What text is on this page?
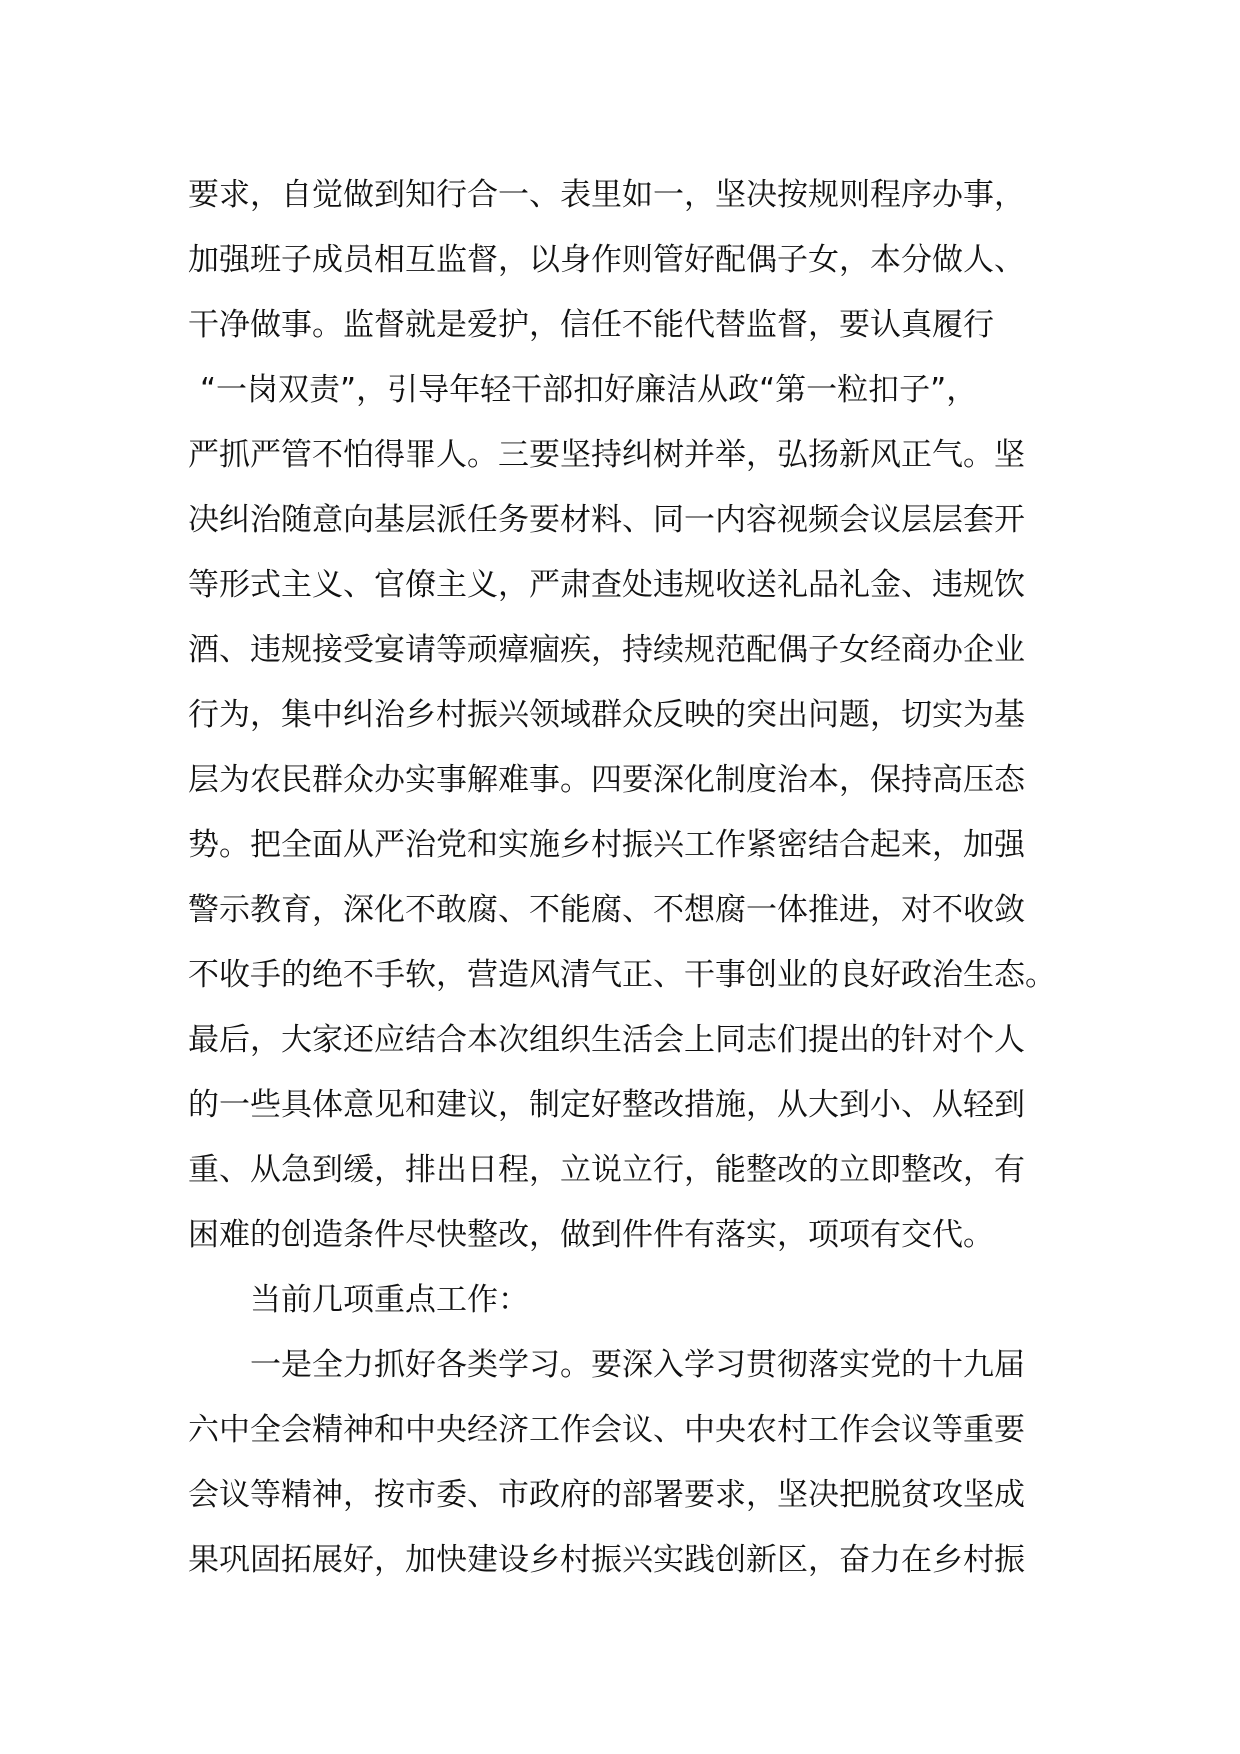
要求，自觉做到知行合一、表里如一，坚决按规则程序办事，
加强班子成员相互监督，以身作则管好配偶子女，本分做人、
干净做事。监督就是爱护，信任不能代替监督，要认真履行
“一岗双责”，引导年轻干部扣好廉洁从政“第一粒扣子”，
严抓严管不怕得罪人。三要坚持纠树并举，弘扬新风正气。坚
决纠治随意向基层派任务要材料、同一内容视频会议层层套开
等形式主义、官僚主义，严肃查处违规收送礼品礼金、违规饮
酒、违规接受宴请等顽瘴痼疾，持续规范配偶子女经商办企业
行为，集中纠治乡村振兴领域群众反映的突出问题，切实为基
层为农民群众办实事解难事。四要深化制度治本，保持高压态
势。把全面从严治党和实施乡村振兴工作紧密结合起来，加强
警示教育，深化不敢腐、不能腐、不想腐一体推进，对不收敛
不收手的绝不手软，营造风清气正、干事创业的良好政治生态。
最后，大家还应结合本次组织生活会上同志们提出的针对个人
的一些具体意见和建议，制定好整改措施，从大到小、从轻到
重、从急到缓，排出日程，立说立行，能整改的立即整改，有
困难的创造条件尽快整改，做到件件有落实，项项有交代。
当前几项重点工作：
一是全力抓好各类学习。要深入学习贯彻落实党的十九届
六中全会精神和中央经济工作会议、中央农村工作会议等重要
会议等精神，按市委、市政府的部署要求，坚决把脱贫攻坚成
果巩固拓展好，加快建设乡村振兴实践创新区，奋力在乡村振
